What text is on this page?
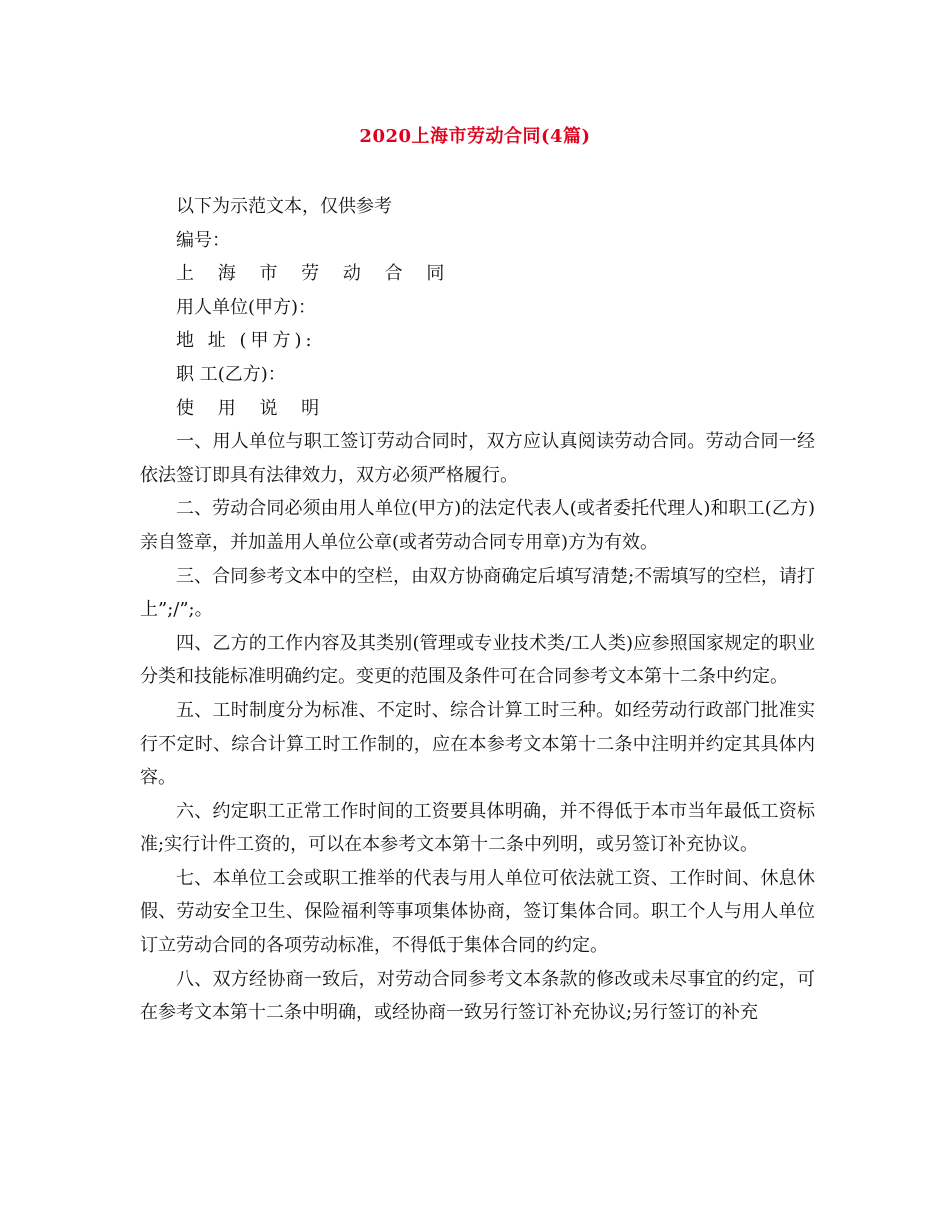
2020上海市劳动合同(4篇)

以下为示范文本，仅供参考

编号：

上 海 市 劳 动 合 同

用人单位(甲方)：

地 址 (甲方):

职 工(乙方)：

使 用 说 明

一、用人单位与职工签订劳动合同时，双方应认真阅读劳动合同。劳动合同一经依法签订即具有法律效力，双方必须严格履行。

二、劳动合同必须由用人单位(甲方)的法定代表人(或者委托代理人)和职工(乙方)亲自签章，并加盖用人单位公章(或者劳动合同专用章)方为有效。

三、合同参考文本中的空栏，由双方协商确定后填写清楚;不需填写的空栏，请打上”;/”;。

四、乙方的工作内容及其类别(管理或专业技术类/工人类)应参照国家规定的职业分类和技能标准明确约定。变更的范围及条件可在合同参考文本第十二条中约定。

五、工时制度分为标准、不定时、综合计算工时三种。如经劳动行政部门批准实行不定时、综合计算工时工作制的，应在本参考文本第十二条中注明并约定其具体内容。

六、约定职工正常工作时间的工资要具体明确，并不得低于本市当年最低工资标准;实行计件工资的，可以在本参考文本第十二条中列明，或另签订补充协议。

七、本单位工会或职工推举的代表与用人单位可依法就工资、工作时间、休息休假、劳动安全卫生、保险福利等事项集体协商，签订集体合同。职工个人与用人单位订立劳动合同的各项劳动标准，不得低于集体合同的约定。

八、双方经协商一致后，对劳动合同参考文本条款的修改或未尽事宜的约定，可在参考文本第十二条中明确，或经协商一致另行签订补充协议;另行签订的补充
